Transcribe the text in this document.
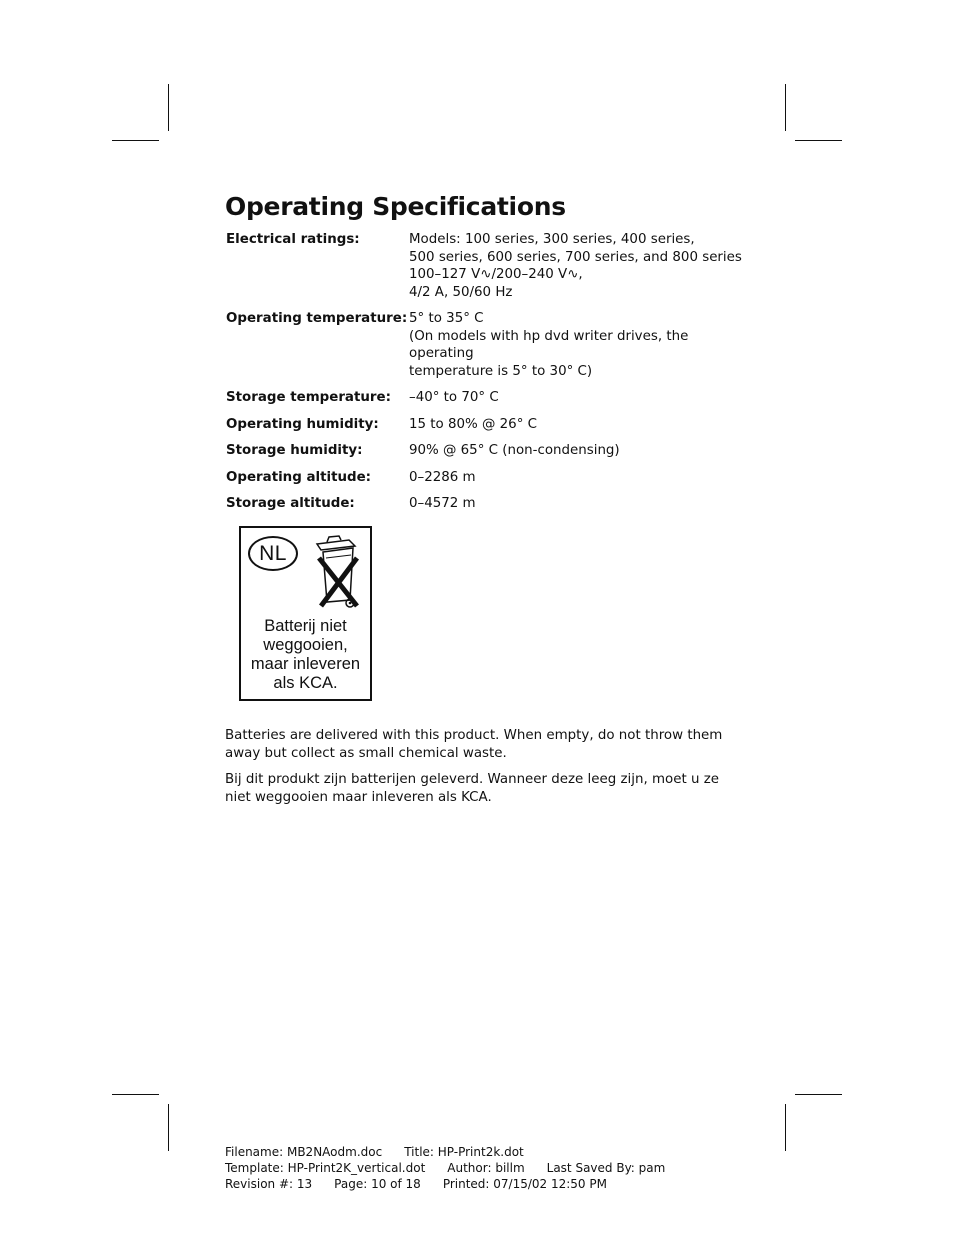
Operating Specifications
Electrical ratings:	Models: 100 series, 300 series, 400 series,
500 series, 600 series, 700 series, and 800 series
100–127 V∿/200–240 V∿,
4/2 A, 50/60 Hz
Operating temperature: 5° to 35° C
(On models with hp dvd writer drives, the operating
temperature is 5° to 30° C)
Storage temperature:	–40° to 70° C
Operating humidity:	15 to 80% @ 26° C
Storage humidity:	90% @ 65° C (non-condensing)
Operating altitude:	0–2286 m
Storage altitude:	0–4572 m
NL
Batterij niet
weggooien,
maar inleveren
als KCA.

Batteries are delivered with this product. When empty, do not throw them away but collect as small chemical waste.

Bij dit produkt zijn batterijen geleverd. Wanneer deze leeg zijn, moet u ze niet weggooien maar inleveren als KCA.

Filename: MB2NAodm.doc Title: HP-Print2k.dot
Template: HP-Print2K_vertical.dot Author: billm Last Saved By: pam
Revision #: 13 Page: 10 of 18 Printed: 07/15/02 12:50 PM
